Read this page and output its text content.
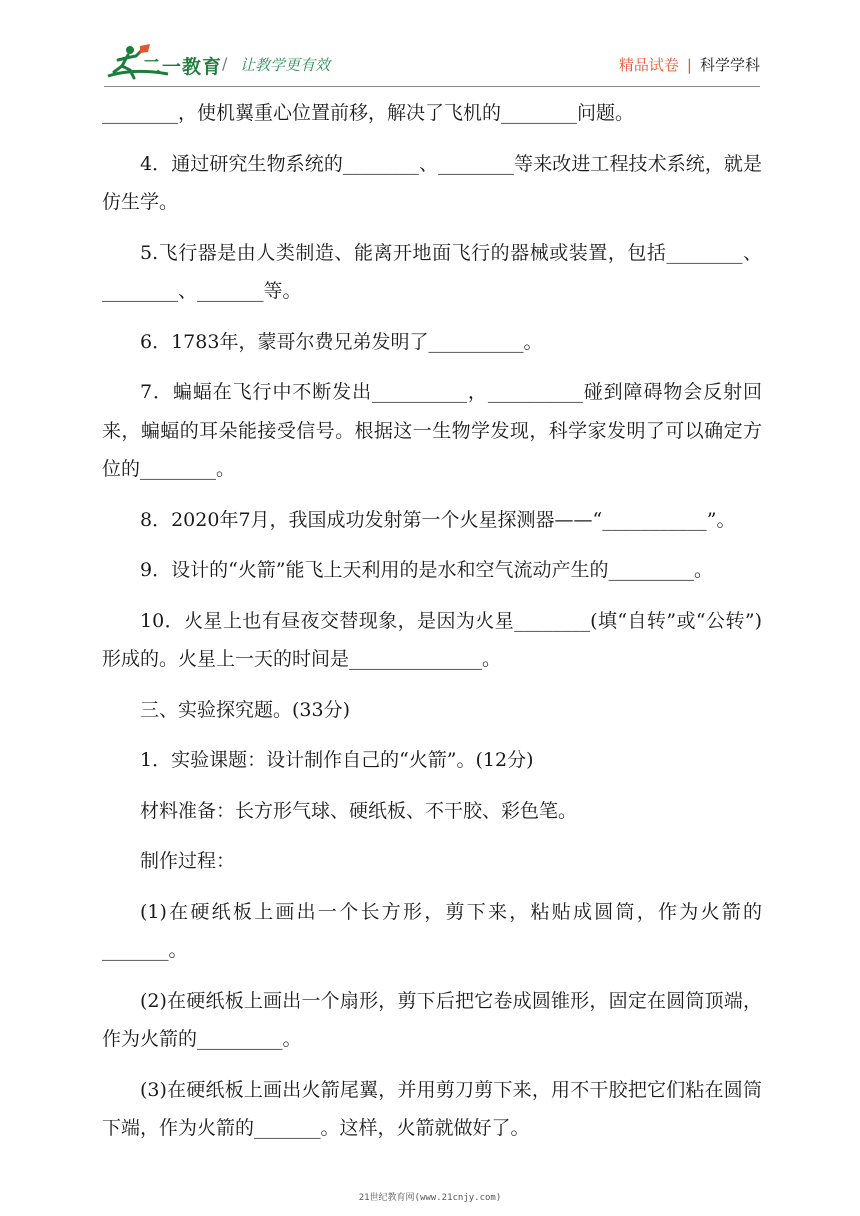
二一教育 / 让教学更有效	精品试卷 | 科学学科

________，使机翼重心位置前移，解决了飞机的________问题。

4．通过研究生物系统的________、________等来改进工程技术系统，就是仿生学。

5.飞行器是由人类制造、能离开地面飞行的器械或装置，包括________、________、_______等。

6．1783年，蒙哥尔费兄弟发明了__________。

7．蝙蝠在飞行中不断发出__________，__________碰到障碍物会反射回来，蝙蝠的耳朵能接受信号。根据这一生物学发现，科学家发明了可以确定方位的________。

8．2020年7月，我国成功发射第一个火星探测器——“___________”。

9．设计的“火箭”能飞上天利用的是水和空气流动产生的_________。

10．火星上也有昼夜交替现象，是因为火星________(填“自转”或“公转”)形成的。火星上一天的时间是______________。

三、实验探究题。(33分)

1．实验课题：设计制作自己的“火箭”。(12分)

材料准备：长方形气球、硬纸板、不干胶、彩色笔。

制作过程：

(1)在硬纸板上画出一个长方形，剪下来，粘贴成圆筒，作为火箭的_______。

(2)在硬纸板上画出一个扇形，剪下后把它卷成圆锥形，固定在圆筒顶端，作为火箭的_________。

(3)在硬纸板上画出火箭尾翼，并用剪刀剪下来，用不干胶把它们粘在圆筒下端，作为火箭的_______。这样，火箭就做好了。

21世纪教育网(www.21cnjy.com)
